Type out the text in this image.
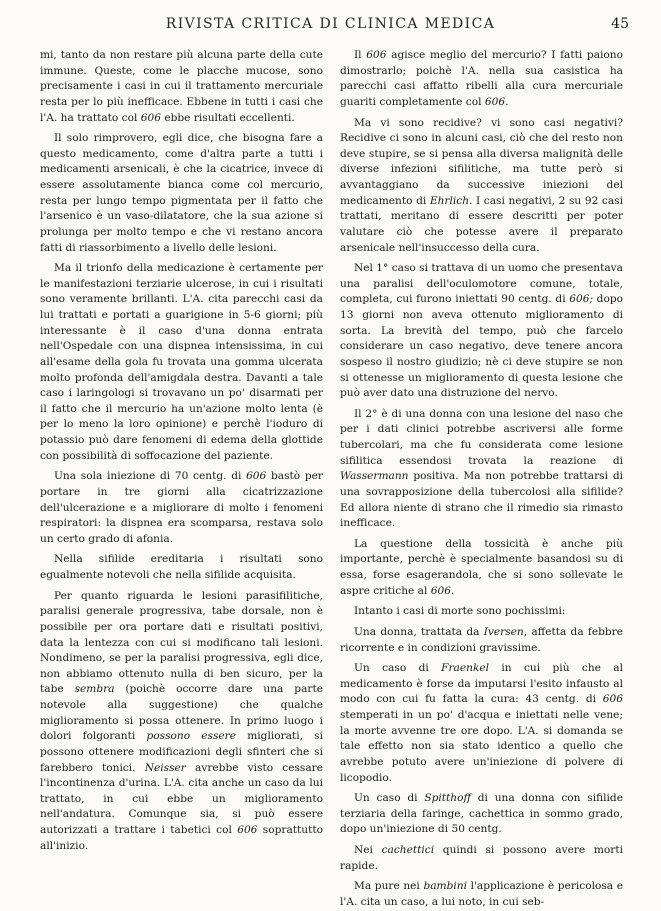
RIVISTA CRITICA DI CLINICA MEDICA	45

mi, tanto da non restare più alcuna parte della cute immune. Queste, come le placche mucose, sono precisamente i casi in cui il trattamento mercuriale resta per lo più inefficace. Ebbene in tutti i casi che l'A. ha trattato col 606 ebbe risultati eccellenti.

Il solo rimprovero, egli dice, che bisogna fare a questo medicamento, come d'altra parte a tutti i medicamenti arsenicali, è che la cicatrice, invece di essere assolutamente bianca come col mercurio, resta per lungo tempo pigmentata per il fatto che l'arsenico è un vaso-dilatatore, che la sua azione si prolunga per molto tempo e che vi restano ancora fatti di riassorbimento a livello delle lesioni.

Ma il trionfo della medicazione è certamente per le manifestazioni terziarie ulcerose, in cui i risultati sono veramente brillanti. L'A. cita parecchi casi da lui trattati e portati a guarigione in 5-6 giorni; più interessante è il caso d'una donna entrata nell'Ospedale con una dispnea intensissima, in cui all'esame della gola fu trovata una gomma ulcerata molto profonda dell'amigdala destra. Davanti a tale caso i laringologi si trovavano un po' disarmati per il fatto che il mercurio ha un'azione molto lenta (è per lo meno la loro opinione) e perchè l'ioduro di potassio può dare fenomeni di edema della glottide con possibilità di soffocazione del paziente.

Una sola iniezione di 70 centg. di 606 bastò per portare in tre giorni alla cicatrizzazione dell'ulcerazione e a migliorare di molto i fenomeni respiratori: la dispnea era scomparsa, restava solo un certo grado di afonia.

Nella sifilide ereditaria i risultati sono egualmente notevoli che nella sifilide acquisita.

Per quanto riguarda le lesioni parasifilitiche, paralisi generale progressiva, tabe dorsale, non è possibile per ora portare dati e risultati positivi, data la lentezza con cui si modificano tali lesioni. Nondimeno, se per la paralisi progressiva, egli dice, non abbiamo ottenuto nulla di ben sicuro, per la tabe sembra (poichè occorre dare una parte notevole alla suggestione) che qualche miglioramento si possa ottenere. In primo luogo i dolori folgoranti possono essere migliorati, si possono ottenere modificazioni degli sfinteri che si farebbero tonici. Neisser avrebbe visto cessare l'incontinenza d'urina. L'A. cita anche un caso da lui trattato, in cui ebbe un miglioramento nell'andatura. Comunque sia, si può essere autorizzati a trattare i tabetici col 606 soprattutto all'inizio.

Il 606 agisce meglio del mercurio? I fatti paiono dimostrarlo; poichè l'A. nella sua casistica ha parecchi casi affatto ribelli alla cura mercuriale guariti completamente col 606.

Ma vi sono recidive? vi sono casi negativi? Recidive ci sono in alcuni casi, ciò che del resto non deve stupire, se si pensa alla diversa malignità delle diverse infezioni sifilitiche, ma tutte però si avvantaggiano da successive iniezioni del medicamento di Ehrlich. I casi negativi, 2 su 92 casi trattati, meritano di essere descritti per poter valutare ciò che potesse avere il preparato arsenicale nell'insuccesso della cura.

Nel 1° caso si trattava di un uomo che presentava una paralisi dell'oculomotore comune, totale, completa, cui furono iniettati 90 centg. di 606; dopo 13 giorni non aveva ottenuto miglioramento di sorta. La brevità del tempo, può che farcelo considerare un caso negativo, deve tenere ancora sospeso il nostro giudizio; nè ci deve stupire se non si ottenesse un miglioramento di questa lesione che può aver dato una distruzione del nervo.

Il 2° è di una donna con una lesione del naso che per i dati clinici potrebbe ascriversi alle forme tubercolari, ma che fu considerata come lesione sifilitica essendosi trovata la reazione di Wassermann positiva. Ma non potrebbe trattarsi di una sovrapposizione della tubercolosi alla sifilide? Ed allora niente di strano che il rimedio sia rimasto inefficace.

La questione della tossicità è anche più importante, perchè è specialmente basandosi su di essa, forse esagerandola, che si sono sollevate le aspre critiche al 606.

Intanto i casi di morte sono pochissimi:

Una donna, trattata da Iversen, affetta da febbre ricorrente e in condizioni gravissime.

Un caso di Fraenkel in cui più che al medicamento è forse da imputarsi l'esito infausto al modo con cui fu fatta la cura: 43 centg. di 606 stemperati in un po' d'acqua e iniettati nelle vene; la morte avvenne tre ore dopo. L'A. si domanda se tale effetto non sia stato identico a quello che avrebbe potuto avere un'iniezione di polvere di licopodio.

Un caso di Spitthoff di una donna con sifilide terziaria della faringe, cachettica in sommo grado, dopo un'iniezione di 50 centg.

Nei cachettici quindi si possono avere morti rapide.

Ma pure nei bambini l'applicazione è pericolosa e l'A. cita un caso, a lui noto, in cui seb-
